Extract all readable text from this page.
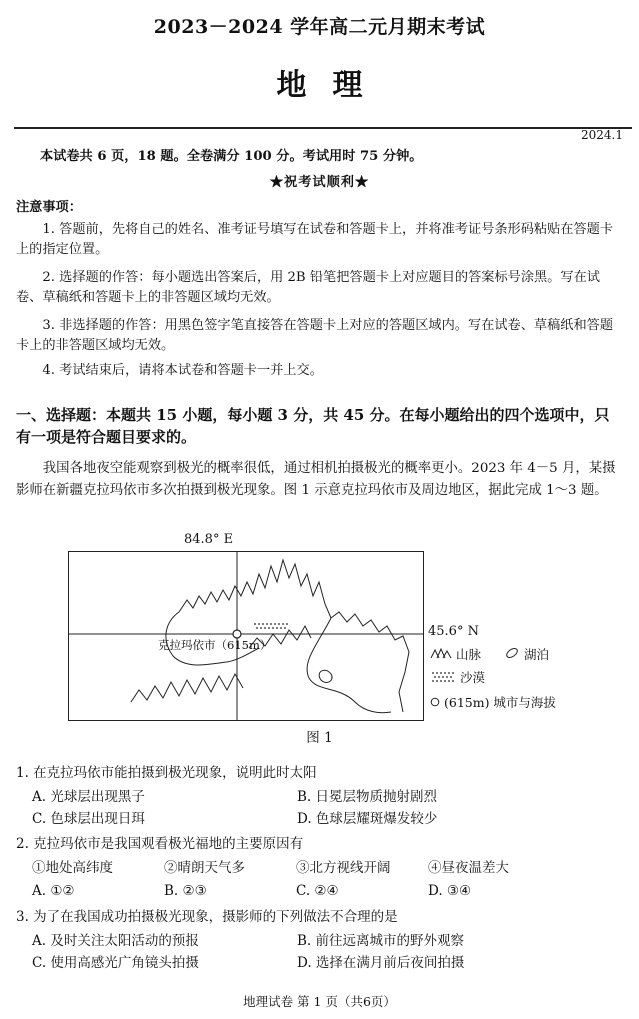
2023－2024 学年高二元月期末考试
地理
2024.1
本试卷共 6 页，18 题。全卷满分 100 分。考试用时 75 分钟。
★祝考试顺利★
注意事项：
1. 答题前，先将自己的姓名、准考证号填写在试卷和答题卡上，并将准考证号条形码粘贴在答题卡上的指定位置。
2. 选择题的作答：每小题选出答案后，用 2B 铅笔把答题卡上对应题目的答案标号涂黑。写在试卷、草稿纸和答题卡上的非答题区域均无效。
3. 非选择题的作答：用黑色签字笔直接答在答题卡上对应的答题区域内。写在试卷、草稿纸和答题卡上的非答题区域均无效。
4. 考试结束后，请将本试卷和答题卡一并上交。
一、选择题：本题共 15 小题，每小题 3 分，共 45 分。在每小题给出的四个选项中，只有一项是符合题目要求的。
我国各地夜空能观察到极光的概率很低，通过相机拍摄极光的概率更小。2023 年 4－5 月，某摄影师在新疆克拉玛依市多次拍摄到极光现象。图 1 示意克拉玛依市及周边地区，据此完成 1～3 题。
84.8° E
克拉玛依市（615m）
45.6° N
山脉	湖泊
沙漠
(615m) 城市与海拔
图 1
1. 在克拉玛依市能拍摄到极光现象，说明此时太阳
A. 光球层出现黑子	B. 日冕层物质抛射剧烈
C. 色球层出现日珥	D. 色球层耀斑爆发较少
2. 克拉玛依市是我国观看极光福地的主要原因有
①地处高纬度	②晴朗天气多	③北方视线开阔	④昼夜温差大
A. ①②	B. ②③	C. ②④	D. ③④
3. 为了在我国成功拍摄极光现象，摄影师的下列做法不合理的是
A. 及时关注太阳活动的预报	B. 前往远离城市的野外观察
C. 使用高感光广角镜头拍摄	D. 选择在满月前后夜间拍摄
地理试卷 第 1 页（共6页）
